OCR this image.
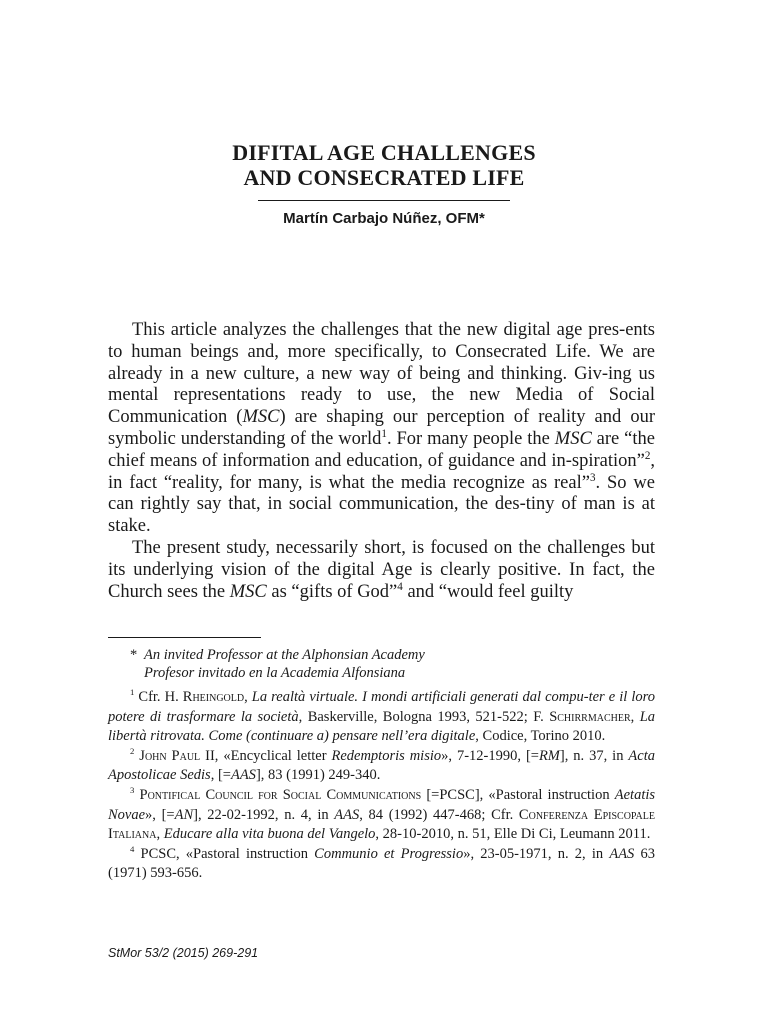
DIFITAL AGE CHALLENGES
AND CONSECRATED LIFE
Martín Carbajo Núñez, OFM*

This article analyzes the challenges that the new digital age pres-ents to human beings and, more specifically, to Consecrated Life. We are already in a new culture, a new way of being and thinking. Giv-ing us mental representations ready to use, the new Media of Social Communication (MSC) are shaping our perception of reality and our symbolic understanding of the world$^1$. For many people the MSC are “the chief means of information and education, of guidance and in-spiration”$^2$, in fact “reality, for many, is what the media recognize as real”$^3$. So we can rightly say that, in social communication, the des-tiny of man is at stake.

The present study, necessarily short, is focused on the challenges but its underlying vision of the digital Age is clearly positive. In fact, the Church sees the MSC as “gifts of God”$^4$ and “would feel guilty

* An invited Professor at the Alphonsian Academy
Profesor invitado en la Academia Alfonsiana

$^1$ Cfr. H. Rheingold, La realtà virtuale. I mondi artificiali generati dal compu-ter e il loro potere di trasformare la società, Baskerville, Bologna 1993, 521-522; F. Schirrmacher, La libertà ritrovata. Come (continuare a) pensare nell’era digitale, Codice, Torino 2010.

$^2$ John Paul II, «Encyclical letter Redemptoris misio», 7-12-1990, [=RM], n. 37, in Acta Apostolicae Sedis, [=AAS], 83 (1991) 249-340.

$^3$ Pontifical Council for Social Communications [=PCSC], «Pastoral instruction Aetatis Novae», [=AN], 22-02-1992, n. 4, in AAS, 84 (1992) 447-468; Cfr. Conferenza Episcopale Italiana, Educare alla vita buona del Vangelo, 28-10-2010, n. 51, Elle Di Ci, Leumann 2011.

$^4$ PCSC, «Pastoral instruction Communio et Progressio», 23-05-1971, n. 2, in AAS 63 (1971) 593-656.

StMor 53/2 (2015) 269-291
